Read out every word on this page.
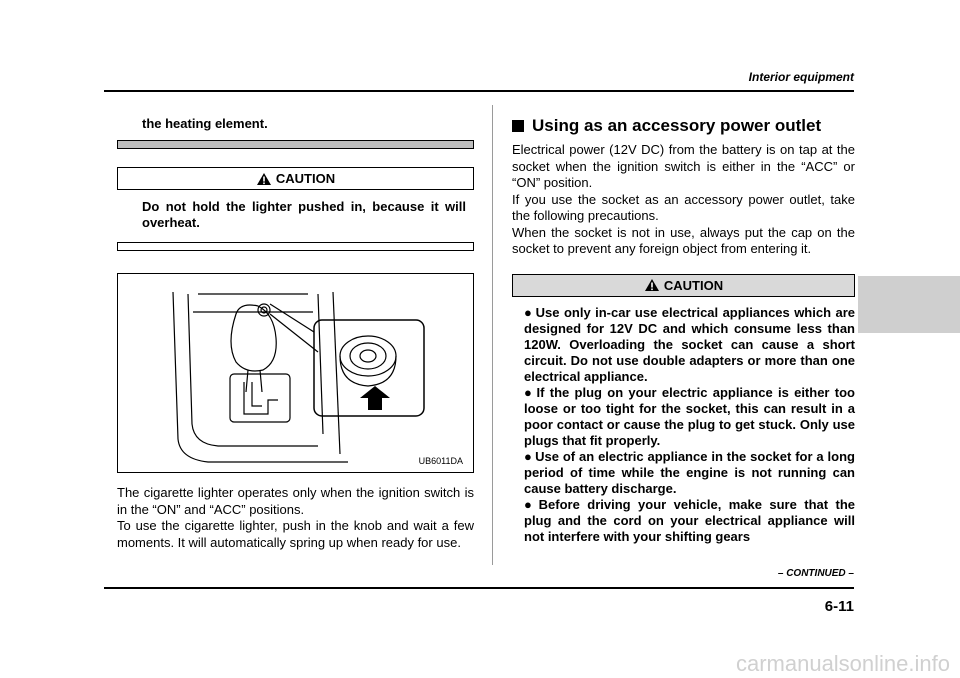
Interior equipment
the heating element.
CAUTION
Do not hold the lighter pushed in, because it will overheat.
UB6011DA
The cigarette lighter operates only when the ignition switch is in the “ON” and “ACC” positions.
To use the cigarette lighter, push in the knob and wait a few moments. It will automatically spring up when ready for use.
Using as an accessory power outlet
Electrical power (12V DC) from the battery is on tap at the socket when the ignition switch is either in the “ACC” or “ON” position.
If you use the socket as an accessory power outlet, take the following precautions.
When the socket is not in use, always put the cap on the socket to prevent any foreign object from entering it.
CAUTION
● Use only in-car use electrical appliances which are designed for 12V DC and which consume less than 120W. Overloading the socket can cause a short circuit. Do not use double adapters or more than one electrical appliance.
● If the plug on your electric appliance is either too loose or too tight for the socket, this can result in a poor contact or cause the plug to get stuck. Only use plugs that fit properly.
● Use of an electric appliance in the socket for a long period of time while the engine is not running can cause battery discharge.
● Before driving your vehicle, make sure that the plug and the cord on your electrical appliance will not interfere with your shifting gears
– CONTINUED –
6-11
carmanualsonline.info
